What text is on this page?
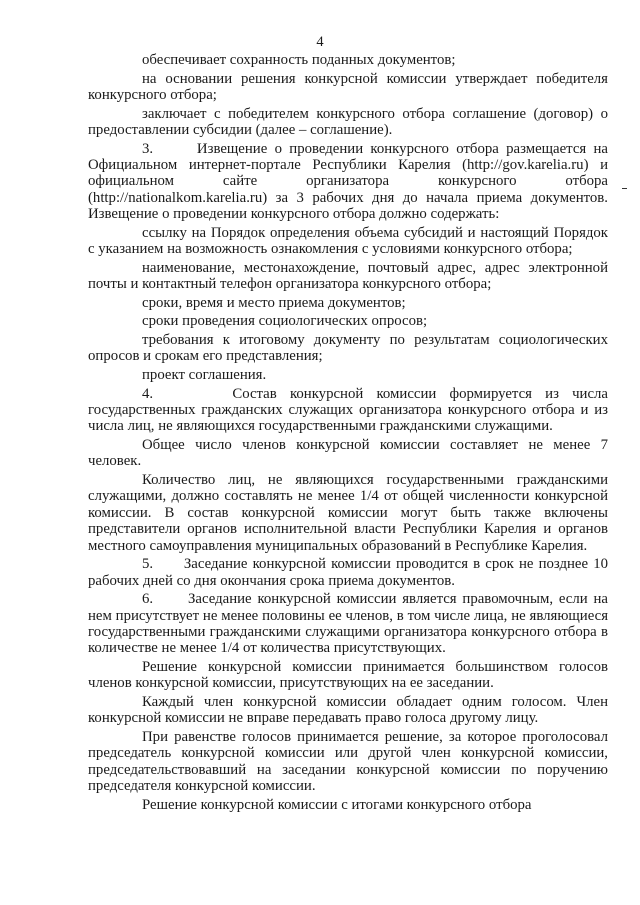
4

обеспечивает сохранность поданных документов;

на основании решения конкурсной комиссии утверждает победителя конкурсного отбора;

заключает с победителем конкурсного отбора соглашение (договор) о предоставлении субсидии (далее – соглашение).

3.      Извещение о проведении конкурсного отбора размещается на Официальном интернет-портале Республики Карелия (http://gov.karelia.ru) и официальном сайте организатора конкурсного отбора (http://nationalkom.karelia.ru) за 3 рабочих дня до начала приема документов. Извещение о проведении конкурсного отбора должно содержать:

ссылку на Порядок определения объема субсидий и настоящий Порядок с указанием на возможность ознакомления с условиями конкурсного отбора;

наименование, местонахождение, почтовый адрес, адрес электронной почты и контактный телефон организатора конкурсного отбора;

сроки, время и место приема документов;

сроки проведения социологических опросов;

требования к итоговому документу по результатам социологических опросов и срокам его представления;

проект соглашения.

4.      Состав конкурсной комиссии формируется из числа государственных гражданских служащих организатора конкурсного отбора и из числа лиц, не являющихся государственными гражданскими служащими.

Общее число членов конкурсной комиссии составляет не менее 7 человек.

Количество лиц, не являющихся государственными гражданскими служащими, должно составлять не менее 1/4 от общей численности конкурсной комиссии. В состав конкурсной комиссии могут быть также включены представители органов исполнительной власти Республики Карелия и органов местного самоуправления муниципальных образований в Республике Карелия.

5.      Заседание конкурсной комиссии проводится в срок не позднее 10 рабочих дней со дня окончания срока приема документов.

6.      Заседание конкурсной комиссии является правомочным, если на нем присутствует не менее половины ее членов, в том числе лица, не являющиеся государственными гражданскими служащими организатора конкурсного отбора в количестве не менее 1/4 от количества присутствующих.

Решение конкурсной комиссии принимается большинством голосов членов конкурсной комиссии, присутствующих на ее заседании.

Каждый член конкурсной комиссии обладает одним голосом. Член конкурсной комиссии не вправе передавать право голоса другому лицу.

При равенстве голосов принимается решение, за которое проголосовал председатель конкурсной комиссии или другой член конкурсной комиссии, председательствовавший на заседании конкурсной комиссии по поручению председателя конкурсной комиссии.

Решение конкурсной комиссии с итогами конкурсного отбора
